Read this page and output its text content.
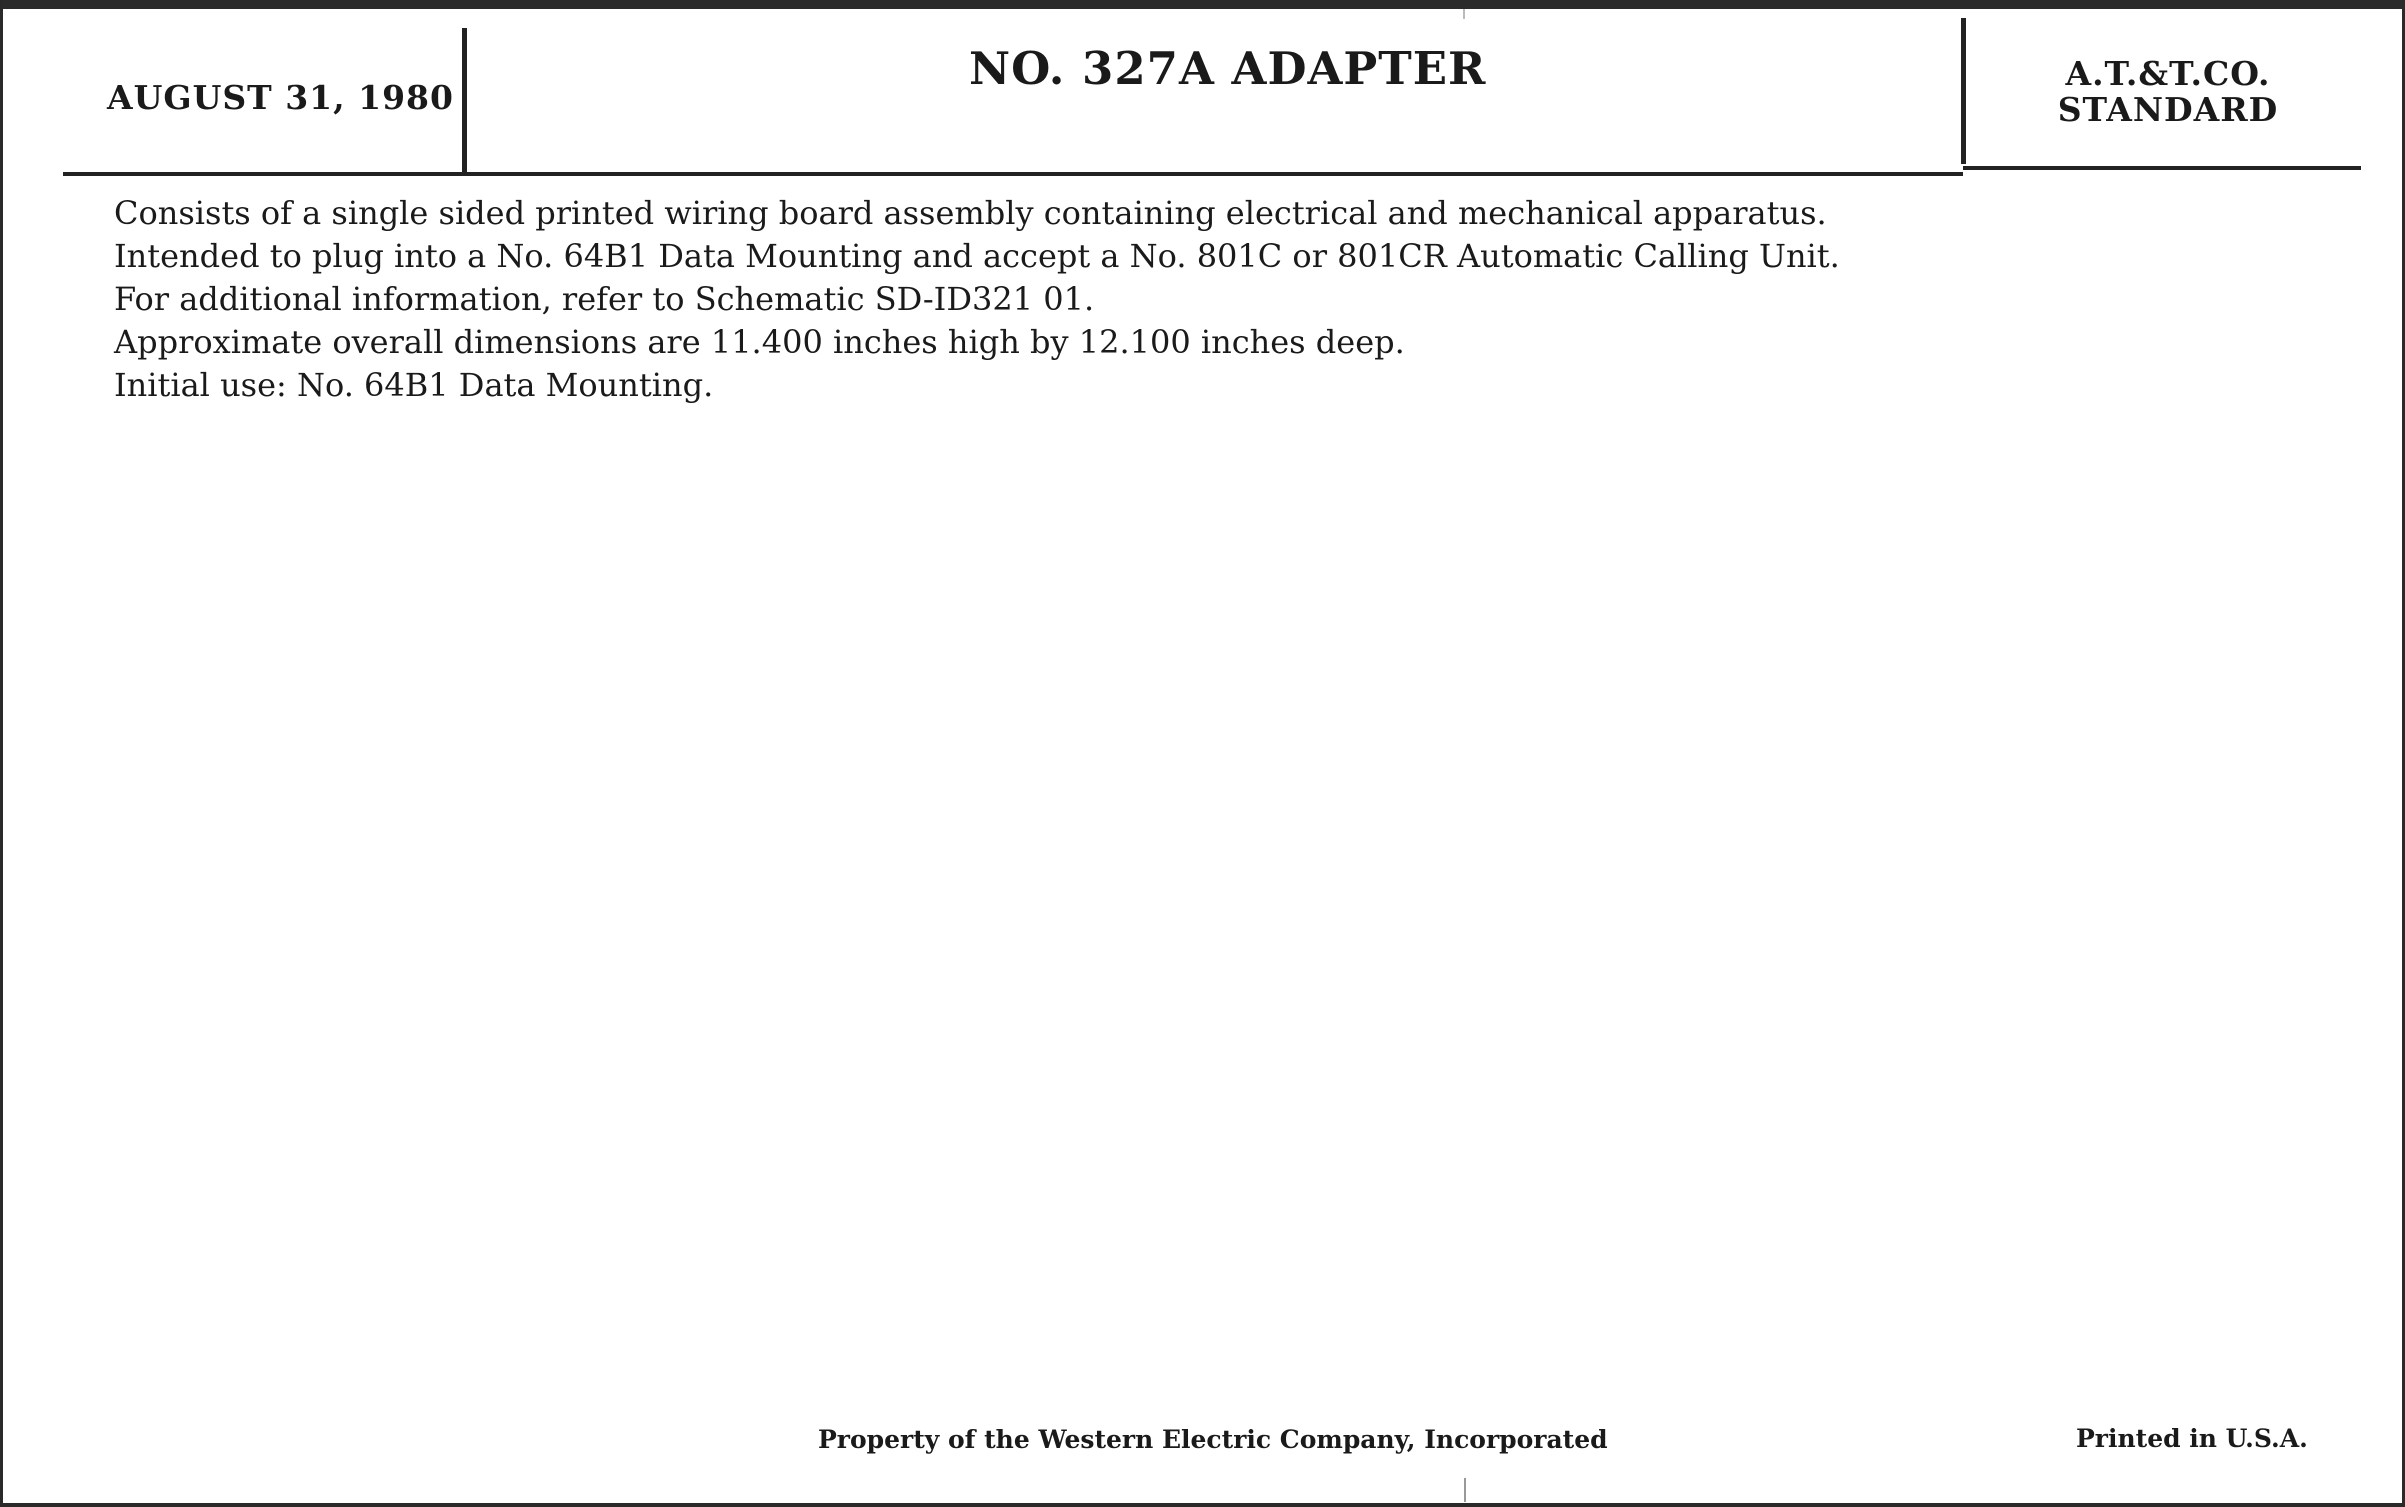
AUGUST 31, 1980
NO. 327A ADAPTER	A.T.&T.CO.
STANDARD
Consists of a single sided printed wiring board assembly containing electrical and mechanical apparatus.
Intended to plug into a No. 64B1 Data Mounting and accept a No. 801C or 801CR Automatic Calling Unit.
For additional information, refer to Schematic SD-ID321 01.
Approximate overall dimensions are 11.400 inches high by 12.100 inches deep.
Initial use: No. 64B1 Data Mounting.
Property of the Western Electric Company, Incorporated	Printed in U.S.A.
